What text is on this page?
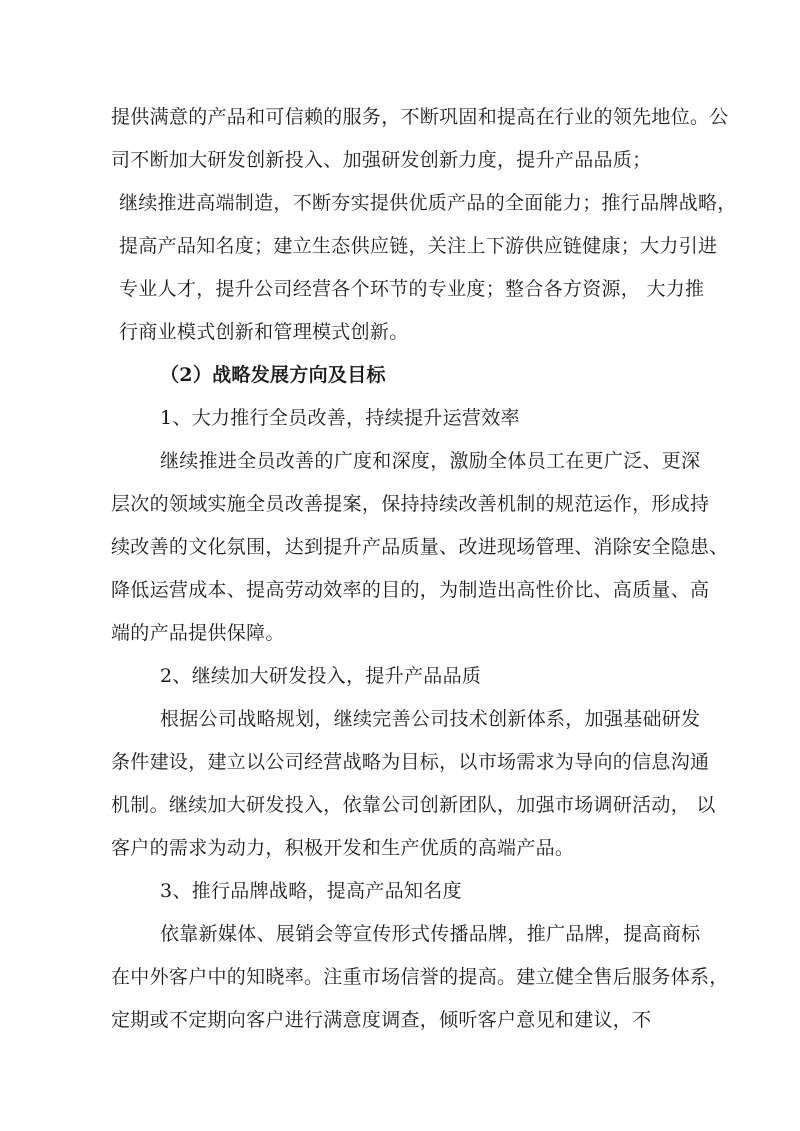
提供满意的产品和可信赖的服务，不断巩固和提高在行业的领先地位。公
司不断加大研发创新投入、加强研发创新力度，提升产品品质；
继续推进高端制造，不断夯实提供优质产品的全面能力；推行品牌战略，
提高产品知名度；建立生态供应链，关注上下游供应链健康；大力引进
专业人才，提升公司经营各个环节的专业度；整合各方资源， 大力推
行商业模式创新和管理模式创新。
（2）战略发展方向及目标
1、大力推行全员改善，持续提升运营效率
继续推进全员改善的广度和深度，激励全体员工在更广泛、更深
层次的领域实施全员改善提案，保持持续改善机制的规范运作，形成持
续改善的文化氛围，达到提升产品质量、改进现场管理、消除安全隐患、
降低运营成本、提高劳动效率的目的，为制造出高性价比、高质量、高
端的产品提供保障。
2、继续加大研发投入，提升产品品质
根据公司战略规划，继续完善公司技术创新体系，加强基础研发
条件建设，建立以公司经营战略为目标，以市场需求为导向的信息沟通
机制。继续加大研发投入，依靠公司创新团队，加强市场调研活动， 以
客户的需求为动力，积极开发和生产优质的高端产品。
3、推行品牌战略，提高产品知名度
依靠新媒体、展销会等宣传形式传播品牌，推广品牌，提高商标
在中外客户中的知晓率。注重市场信誉的提高。建立健全售后服务体系，
定期或不定期向客户进行满意度调查，倾听客户意见和建议，不
